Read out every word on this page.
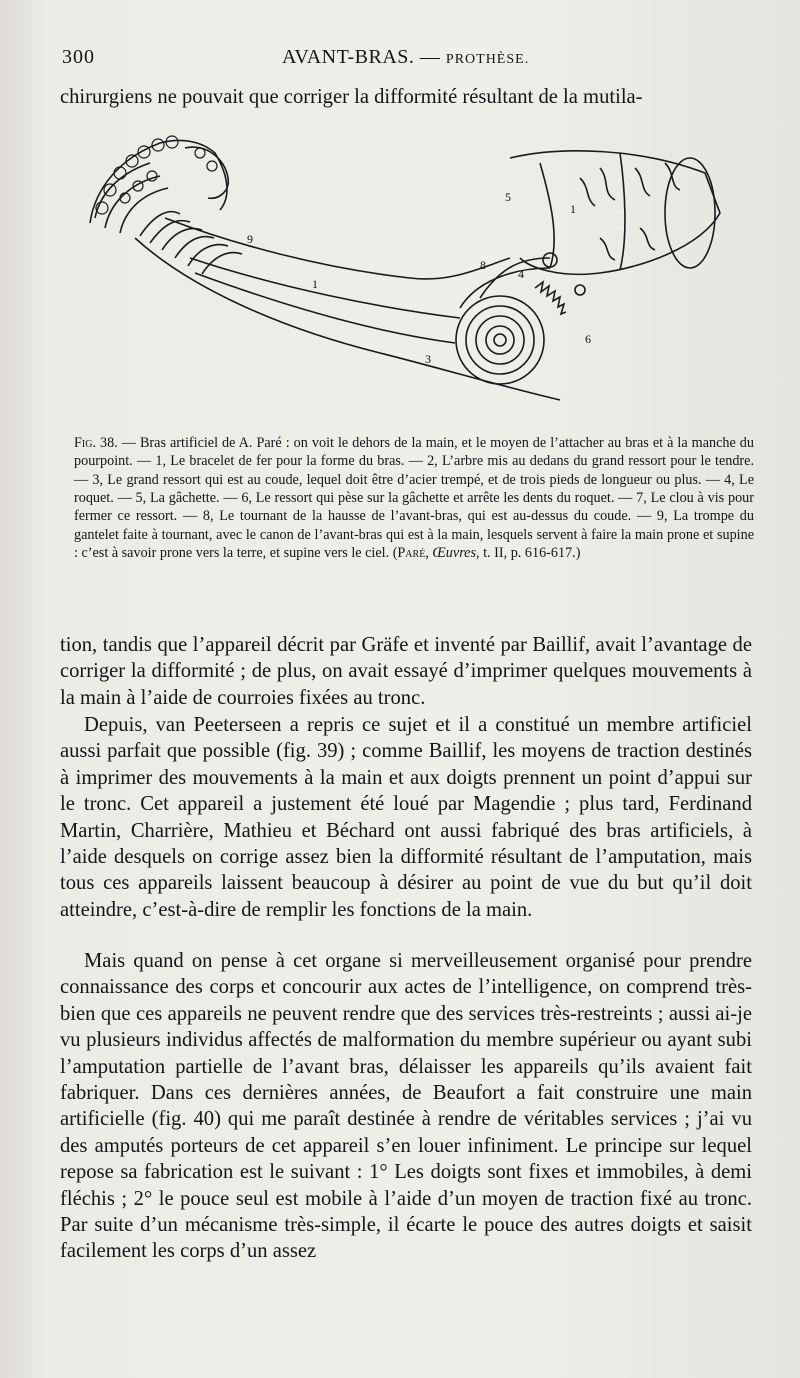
300	AVANT-BRAS. — PROTHÈSE.

chirurgiens ne pouvait que corriger la difformité résultant de la mutila-

9
1
5
1
8
4
6
3

Fig. 38. — Bras artificiel de A. Paré : on voit le dehors de la main, et le moyen de l’attacher au bras et à la manche du pourpoint. — 1, Le bracelet de fer pour la forme du bras. — 2, L’arbre mis au dedans du grand ressort pour le tendre. — 3, Le grand ressort qui est au coude, lequel doit être d’acier trempé, et de trois pieds de longueur ou plus. — 4, Le roquet. — 5, La gâchette. — 6, Le ressort qui pèse sur la gâchette et arrête les dents du roquet. — 7, Le clou à vis pour fermer ce ressort. — 8, Le tournant de la hausse de l’avant-bras, qui est au-dessus du coude. — 9, La trompe du gantelet faite à tournant, avec le canon de l’avant-bras qui est à la main, lesquels servent à faire la main prone et supine : c’est à savoir prone vers la terre, et supine vers le ciel. (Paré, Œuvres, t. II, p. 616-617.)

tion, tandis que l’appareil décrit par Gräfe et inventé par Baillif, avait l’avantage de corriger la difformité ; de plus, on avait essayé d’imprimer quelques mouvements à la main à l’aide de courroies fixées au tronc.

Depuis, van Peeterseen a repris ce sujet et il a constitué un membre artificiel aussi parfait que possible (fig. 39) ; comme Baillif, les moyens de traction destinés à imprimer des mouvements à la main et aux doigts prennent un point d’appui sur le tronc. Cet appareil a justement été loué par Magendie ; plus tard, Ferdinand Martin, Charrière, Mathieu et Béchard ont aussi fabriqué des bras artificiels, à l’aide desquels on corrige assez bien la difformité résultant de l’amputation, mais tous ces appareils laissent beaucoup à désirer au point de vue du but qu’il doit atteindre, c’est-à-dire de remplir les fonctions de la main.

Mais quand on pense à cet organe si merveilleusement organisé pour prendre connaissance des corps et concourir aux actes de l’intelligence, on comprend très-bien que ces appareils ne peuvent rendre que des services très-restreints ; aussi ai-je vu plusieurs individus affectés de malformation du membre supérieur ou ayant subi l’amputation partielle de l’avant bras, délaisser les appareils qu’ils avaient fait fabriquer. Dans ces dernières années, de Beaufort a fait construire une main artificielle (fig. 40) qui me paraît destinée à rendre de véritables services ; j’ai vu des amputés porteurs de cet appareil s’en louer infiniment. Le principe sur lequel repose sa fabrication est le suivant : 1° Les doigts sont fixes et immobiles, à demi fléchis ; 2° le pouce seul est mobile à l’aide d’un moyen de traction fixé au tronc. Par suite d’un mécanisme très-simple, il écarte le pouce des autres doigts et saisit facilement les corps d’un assez
